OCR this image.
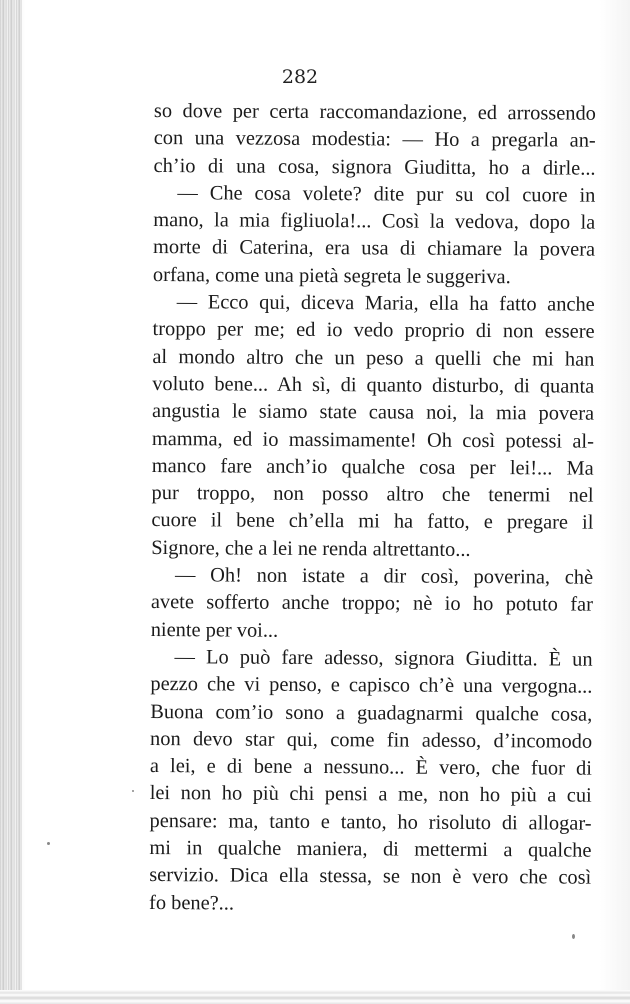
282
so dove per certa raccomandazione, ed arrossendo
con una vezzosa modestia: — Ho a pregarla an-
ch’io di una cosa, signora Giuditta, ho a dirle...
— Che cosa volete? dite pur su col cuore in
mano, la mia figliuola!... Così la vedova, dopo la
morte di Caterina, era usa di chiamare la povera
orfana, come una pietà segreta le suggeriva.
— Ecco qui, diceva Maria, ella ha fatto anche
troppo per me; ed io vedo proprio di non essere
al mondo altro che un peso a quelli che mi han
voluto bene... Ah sì, di quanto disturbo, di quanta
angustia le siamo state causa noi, la mia povera
mamma, ed io massimamente! Oh così potessi al-
manco fare anch’io qualche cosa per lei!... Ma
pur troppo, non posso altro che tenermi nel
cuore il bene ch’ella mi ha fatto, e pregare il
Signore, che a lei ne renda altrettanto...
— Oh! non istate a dir così, poverina, chè
avete sofferto anche troppo; nè io ho potuto far
niente per voi...
— Lo può fare adesso, signora Giuditta. È un
pezzo che vi penso, e capisco ch’è una vergogna...
Buona com’io sono a guadagnarmi qualche cosa,
non devo star qui, come fin adesso, d’incomodo
a lei, e di bene a nessuno... È vero, che fuor di
lei non ho più chi pensi a me, non ho più a cui
pensare: ma, tanto e tanto, ho risoluto di allogar-
mi in qualche maniera, di mettermi a qualche
servizio. Dica ella stessa, se non è vero che così
fo bene?...
